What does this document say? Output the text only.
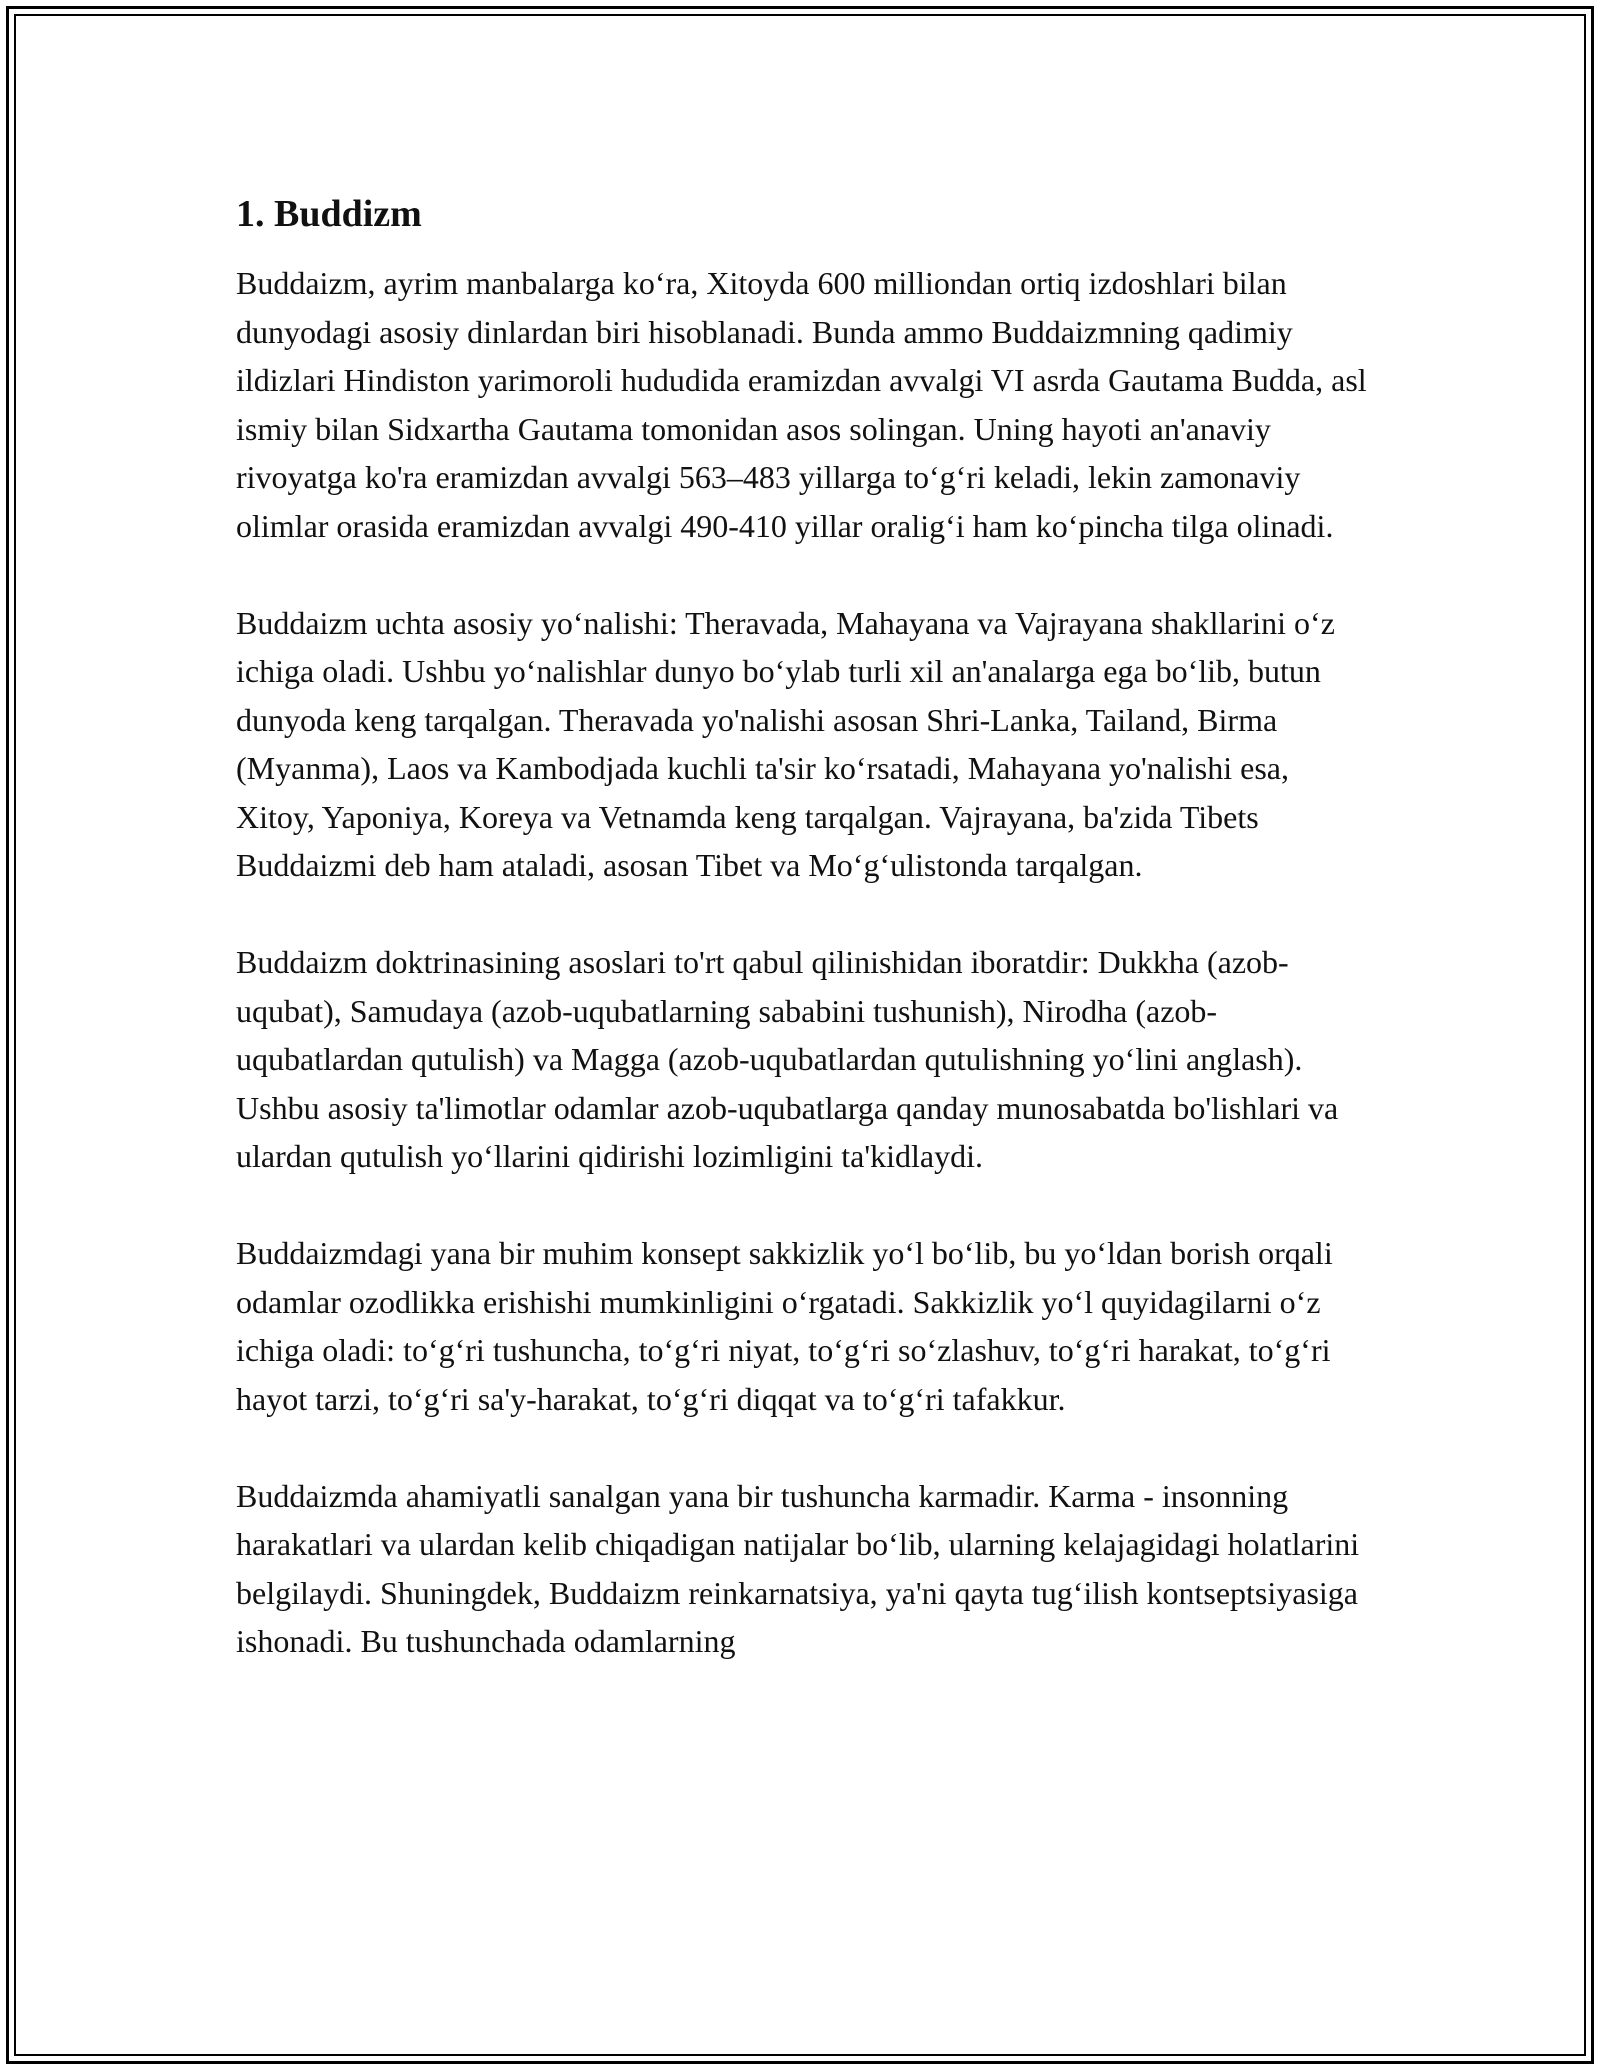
1. Buddizm

Buddaizm, ayrim manbalarga ko‘ra, Xitoyda 600 milliondan ortiq izdoshlari bilan dunyodagi asosiy dinlardan biri hisoblanadi. Bunda ammo Buddaizmning qadimiy ildizlari Hindiston yarimoroli hududida eramizdan avvalgi VI asrda Gautama Budda, asl ismiy bilan Sidxartha Gautama tomonidan asos solingan. Uning hayoti an'anaviy rivoyatga ko'ra eramizdan avvalgi 563–483 yillarga to‘g‘ri keladi, lekin zamonaviy olimlar orasida eramizdan avvalgi 490-410 yillar oralig‘i ham ko‘pincha tilga olinadi.

Buddaizm uchta asosiy yo‘nalishi: Theravada, Mahayana va Vajrayana shakllarini o‘z ichiga oladi. Ushbu yo‘nalishlar dunyo bo‘ylab turli xil an'analarga ega bo‘lib, butun dunyoda keng tarqalgan. Theravada yo'nalishi asosan Shri-Lanka, Tailand, Birma (Myanma), Laos va Kambodjada kuchli ta'sir ko‘rsatadi, Mahayana yo'nalishi esa, Xitoy, Yaponiya, Koreya va Vetnamda keng tarqalgan. Vajrayana, ba'zida Tibets Buddaizmi deb ham ataladi, asosan Tibet va Mo‘g‘ulistonda tarqalgan.

Buddaizm doktrinasining asoslari to'rt qabul qilinishidan iboratdir: Dukkha (azob-uqubat), Samudaya (azob-uqubatlarning sababini tushunish), Nirodha (azob-uqubatlardan qutulish) va Magga (azob-uqubatlardan qutulishning yo‘lini anglash). Ushbu asosiy ta'limotlar odamlar azob-uqubatlarga qanday munosabatda bo'lishlari va ulardan qutulish yo‘llarini qidirishi lozimligini ta'kidlaydi.

Buddaizmdagi yana bir muhim konsept sakkizlik yo‘l bo‘lib, bu yo‘ldan borish orqali odamlar ozodlikka erishishi mumkinligini o‘rgatadi. Sakkizlik yo‘l quyidagilarni o‘z ichiga oladi: to‘g‘ri tushuncha, to‘g‘ri niyat, to‘g‘ri so‘zlashuv, to‘g‘ri harakat, to‘g‘ri hayot tarzi, to‘g‘ri sa'y-harakat, to‘g‘ri diqqat va to‘g‘ri tafakkur.

Buddaizmda ahamiyatli sanalgan yana bir tushuncha karmadir. Karma - insonning harakatlari va ulardan kelib chiqadigan natijalar bo‘lib, ularning kelajagidagi holatlarini belgilaydi. Shuningdek, Buddaizm reinkarnatsiya, ya'ni qayta tug‘ilish kontseptsiyasiga ishonadi. Bu tushunchada odamlarning
